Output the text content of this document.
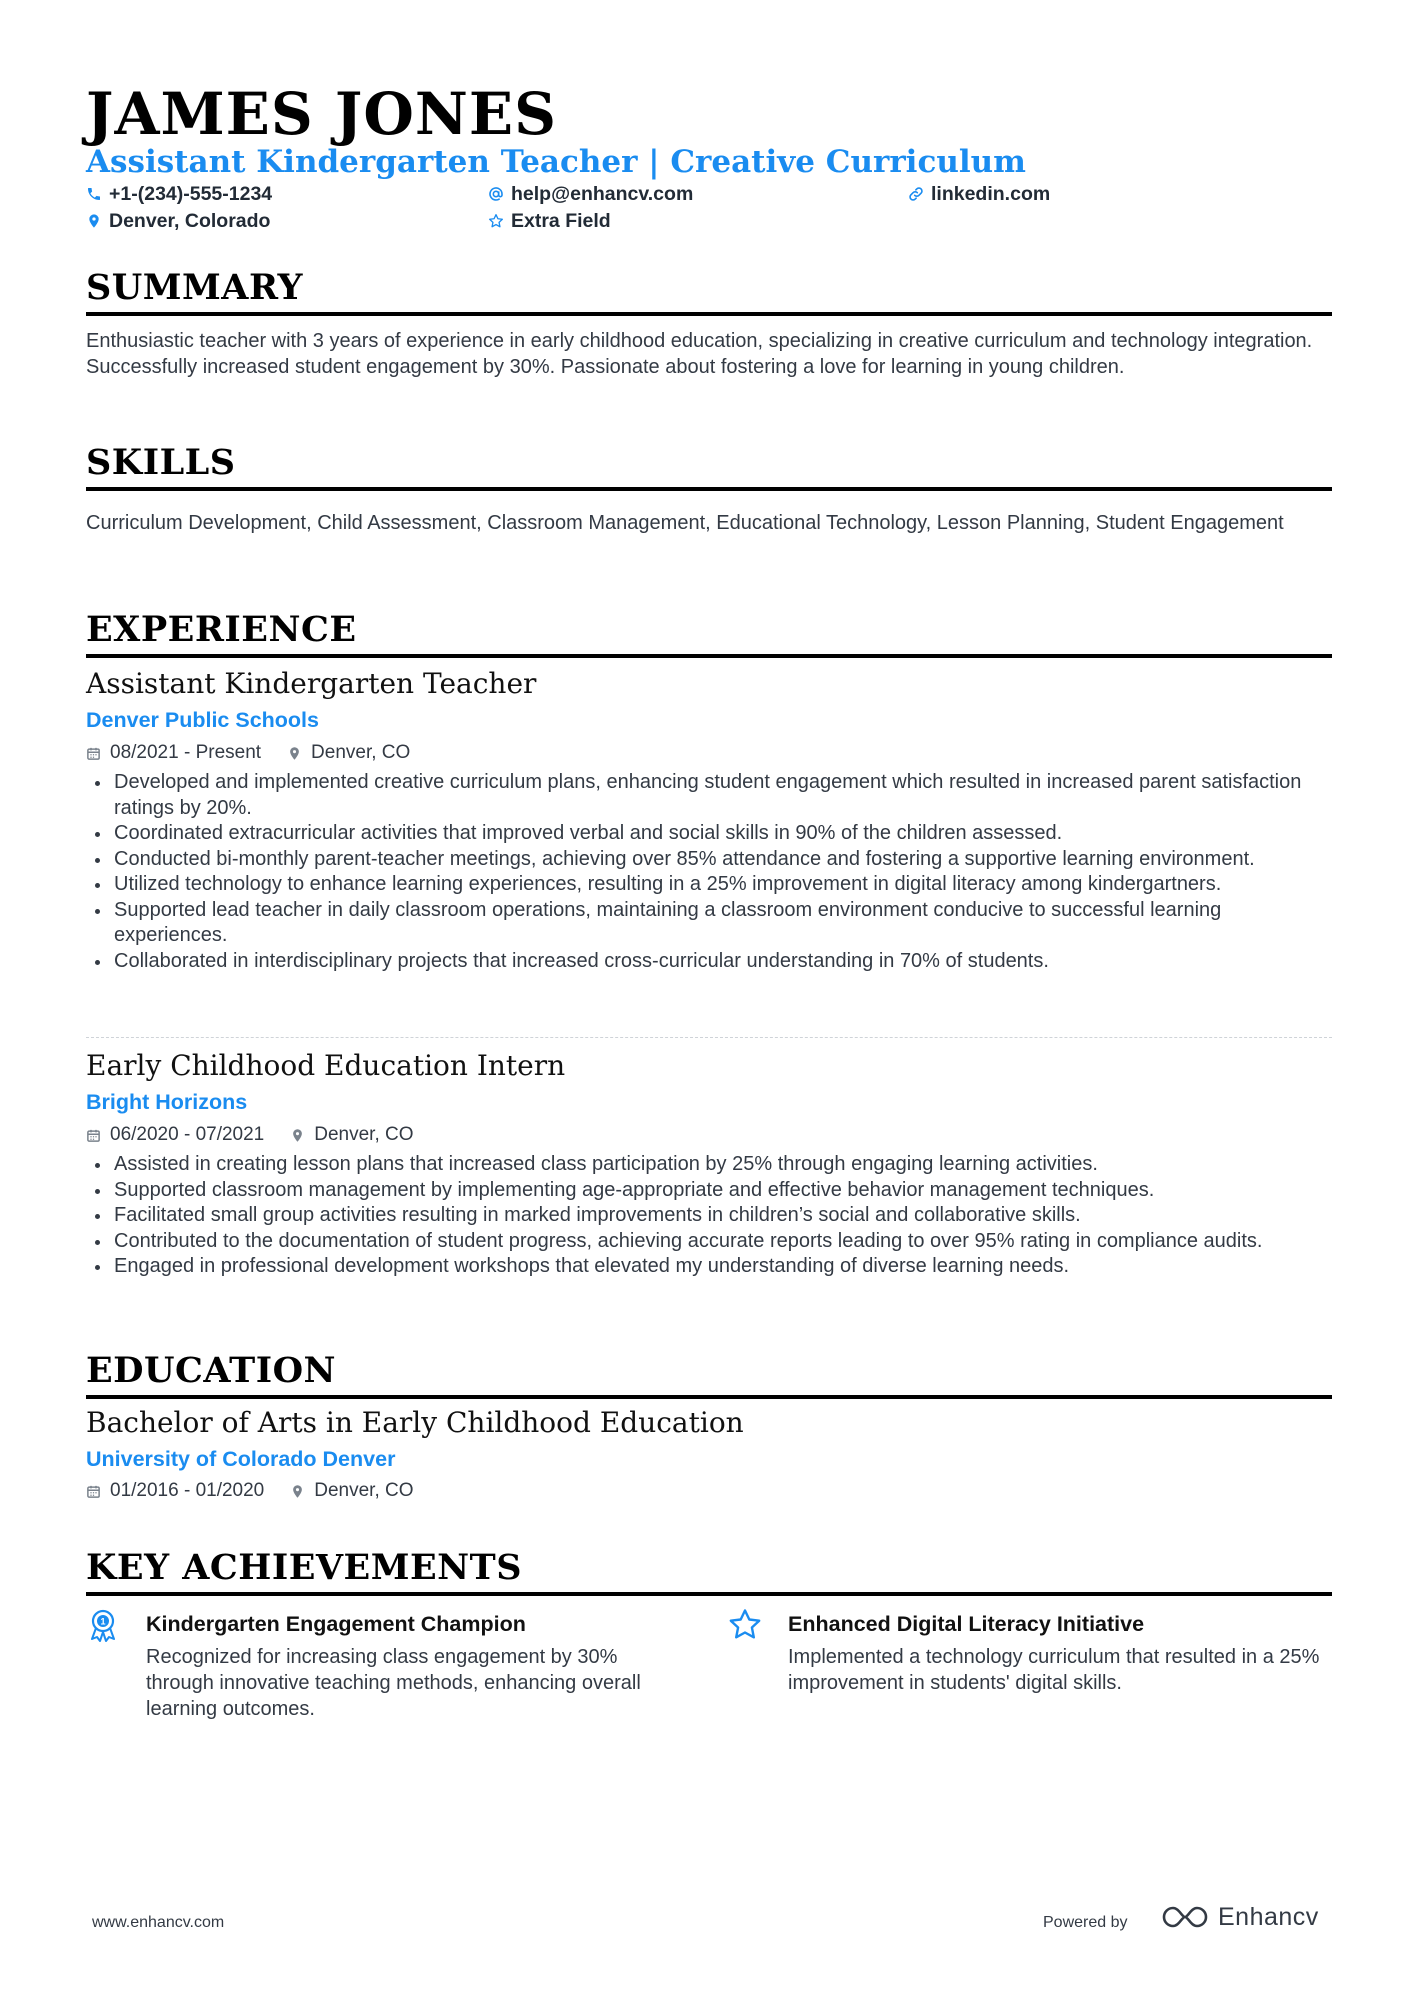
JAMES JONES
Assistant Kindergarten Teacher | Creative Curriculum
+1-(234)-555-1234	help@enhancv.com	linkedin.com
Denver, Colorado	Extra Field
SUMMARY
Enthusiastic teacher with 3 years of experience in early childhood education, specializing in creative curriculum and technology integration. Successfully increased student engagement by 30%. Passionate about fostering a love for learning in young children.
SKILLS
Curriculum Development, Child Assessment, Classroom Management, Educational Technology, Lesson Planning, Student Engagement
EXPERIENCE
Assistant Kindergarten Teacher
Denver Public Schools
08/2021 - Present	Denver, CO
Developed and implemented creative curriculum plans, enhancing student engagement which resulted in increased parent satisfaction ratings by 20%.
Coordinated extracurricular activities that improved verbal and social skills in 90% of the children assessed.
Conducted bi-monthly parent-teacher meetings, achieving over 85% attendance and fostering a supportive learning environment.
Utilized technology to enhance learning experiences, resulting in a 25% improvement in digital literacy among kindergartners.
Supported lead teacher in daily classroom operations, maintaining a classroom environment conducive to successful learning experiences.
Collaborated in interdisciplinary projects that increased cross-curricular understanding in 70% of students.
Early Childhood Education Intern
Bright Horizons
06/2020 - 07/2021	Denver, CO
Assisted in creating lesson plans that increased class participation by 25% through engaging learning activities.
Supported classroom management by implementing age-appropriate and effective behavior management techniques.
Facilitated small group activities resulting in marked improvements in children’s social and collaborative skills.
Contributed to the documentation of student progress, achieving accurate reports leading to over 95% rating in compliance audits.
Engaged in professional development workshops that elevated my understanding of diverse learning needs.
EDUCATION
Bachelor of Arts in Early Childhood Education
University of Colorado Denver
01/2016 - 01/2020	Denver, CO
KEY ACHIEVEMENTS
1 Kindergarten Engagement Champion
Recognized for increasing class engagement by 30% through innovative teaching methods, enhancing overall learning outcomes.
Enhanced Digital Literacy Initiative
Implemented a technology curriculum that resulted in a 25% improvement in students' digital skills.
www.enhancv.com	Powered by	Enhancv
